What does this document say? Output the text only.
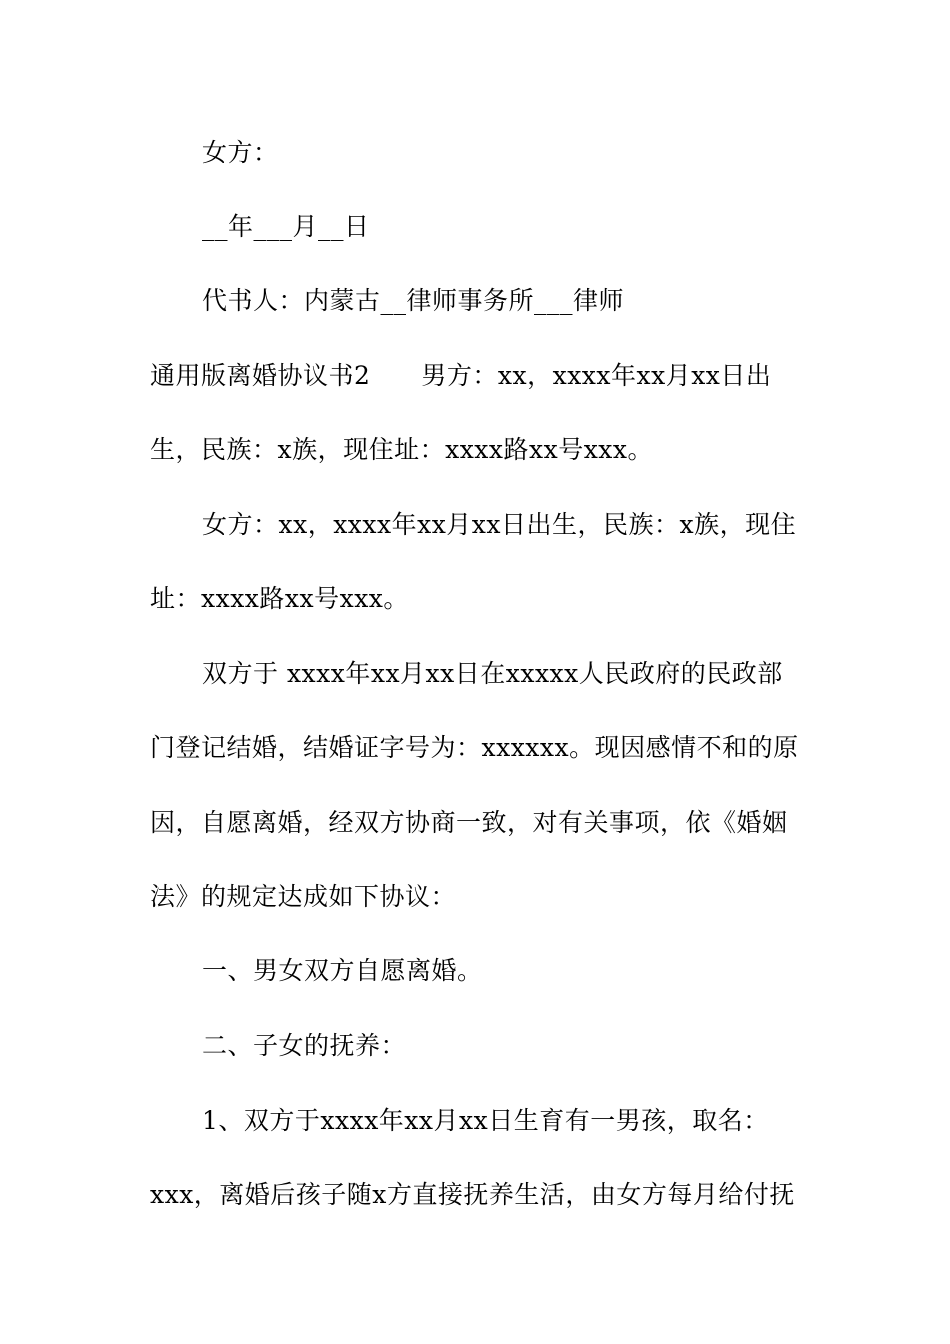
女方：
__年___月__日
代书人：内蒙古__律师事务所___律师
通用版离婚协议书2　　男方：xx，xxxx年xx月xx日出
生，民族：x族，现住址：xxxx路xx号xxx。
女方：xx，xxxx年xx月xx日出生，民族：x族，现住
址：xxxx路xx号xxx。
双方于 xxxx年xx月xx日在xxxxx人民政府的民政部
门登记结婚，结婚证字号为：xxxxxx。现因感情不和的原
因，自愿离婚，经双方协商一致，对有关事项，依《婚姻
法》的规定达成如下协议：
一、男女双方自愿离婚。
二、子女的抚养：
1、双方于xxxx年xx月xx日生育有一男孩，取名：
xxx，离婚后孩子随x方直接抚养生活，由女方每月给付抚
